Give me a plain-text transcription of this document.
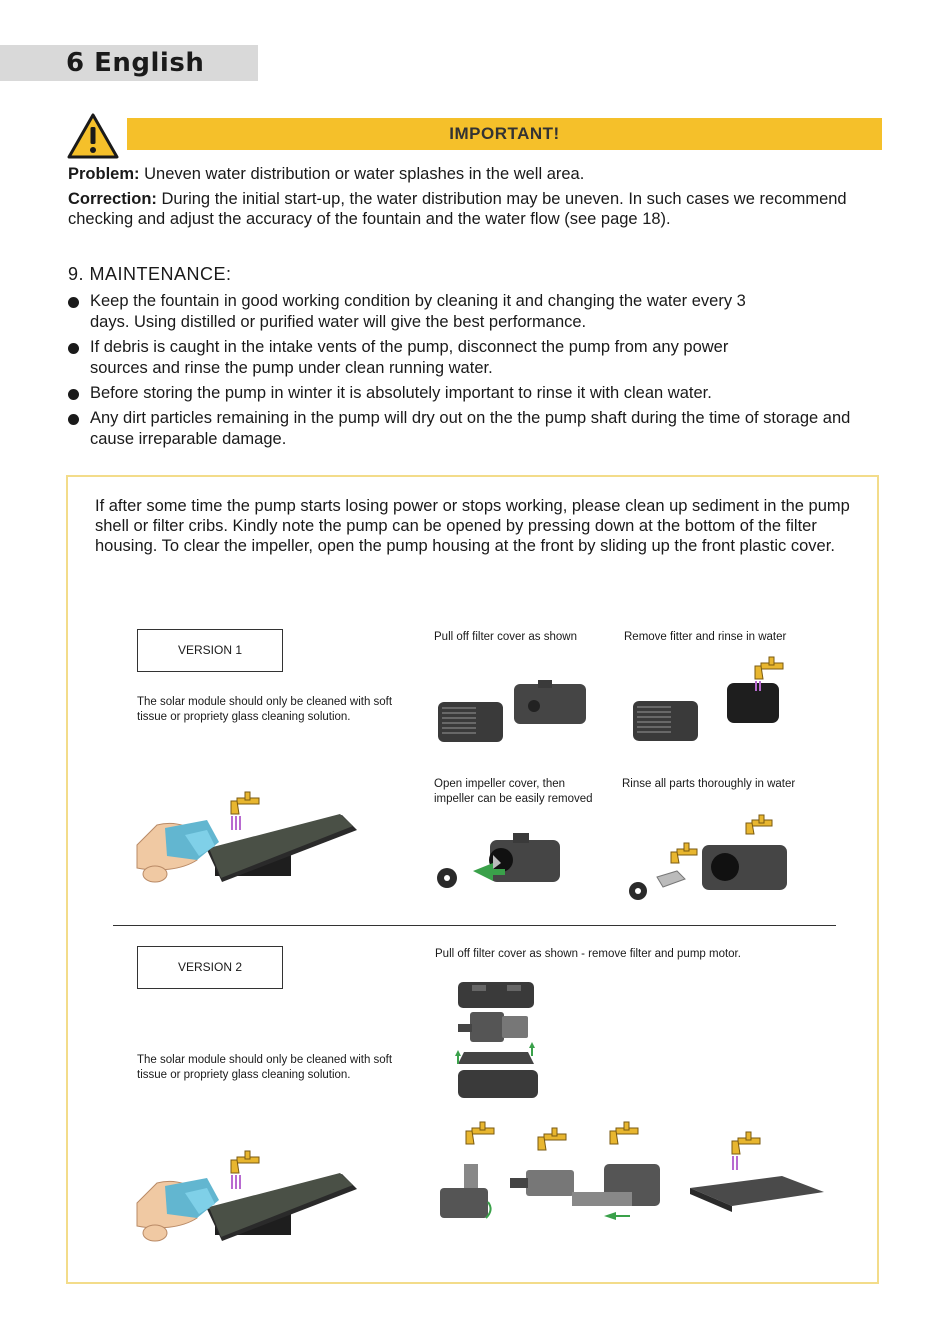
6 English
IMPORTANT!
Problem: Uneven water distribution or water splashes in the well area.
Correction: During the initial start-up, the water distribution may be uneven. In such cases we recommend checking and adjust the accuracy of the fountain and the water flow (see page 18).
9. MAINTENANCE:
Keep the fountain in good working condition by cleaning it and changing the water every 3 days. Using distilled or purified water will give the best performance.
If debris is caught in the intake vents of the pump, disconnect the pump from any power sources and rinse the pump under clean running water.
Before storing the pump in winter it is absolutely important to rinse it with clean water.
Any dirt particles remaining in the pump will dry out on the the pump shaft during the time of storage and cause irreparable damage.
If after some time the pump starts losing power or stops working, please clean up sediment in the pump shell or filter cribs. Kindly note the pump can be opened by pressing down at the bottom of the filter housing. To clear the impeller, open the pump housing at the front by sliding up the front plastic cover.
VERSION 1
The solar module should only be cleaned with soft tissue or propriety glass cleaning solution.
Pull off filter cover as shown	Remove fitter and rinse in water
Open impeller cover, then impeller can be easily removed
Rinse all parts thoroughly in water
VERSION 2
The solar module should only be cleaned with soft tissue or propriety glass cleaning solution.
Pull off filter cover as shown - remove filter and pump motor.
